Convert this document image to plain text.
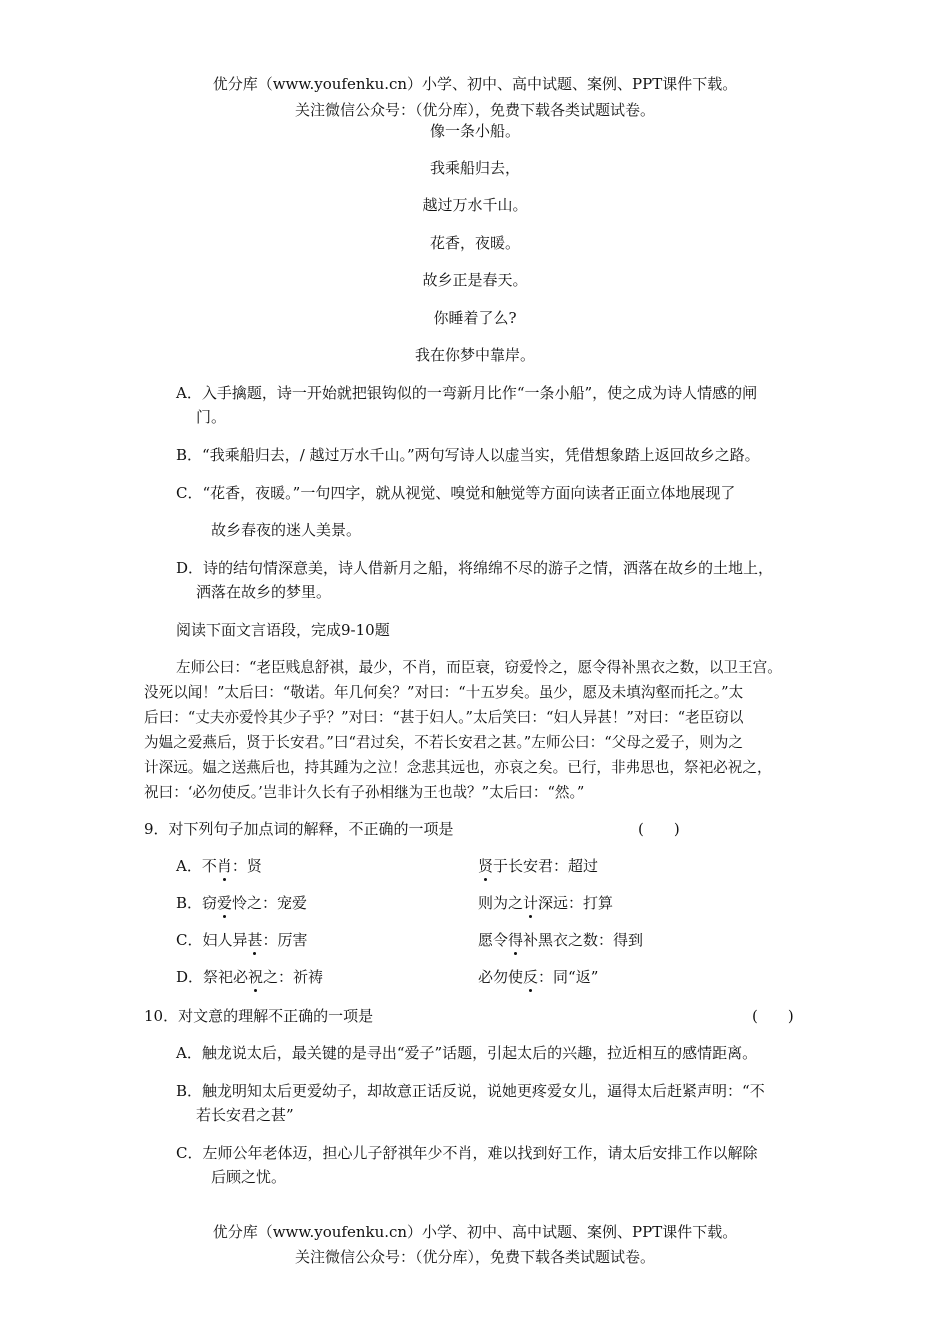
优分库（www.youfenku.cn）小学、初中、高中试题、案例、PPT课件下载。
关注微信公众号：（优分库），免费下载各类试题试卷。
像一条小船。
我乘船归去，
越过万水千山。
花香，夜暖。
故乡正是春天。
你睡着了么?
我在你梦中靠岸。
A．入手擒题，诗一开始就把银钩似的一弯新月比作“一条小船”，使之成为诗人情感的闸
门。
B．“我乘船归去，/ 越过万水千山。”两句写诗人以虚当实，凭借想象踏上返回故乡之路。
C．“花香，夜暖。”一句四字，就从视觉、嗅觉和触觉等方面向读者正面立体地展现了
故乡春夜的迷人美景。
D．诗的结句情深意美，诗人借新月之船，将绵绵不尽的游子之情，洒落在故乡的土地上，
洒落在故乡的梦里。
阅读下面文言语段，完成9-10题
左师公曰：“老臣贱息舒祺，最少，不肖，而臣衰，窃爱怜之，愿令得补黑衣之数，以卫王宫。
没死以闻！”太后曰：“敬诺。年几何矣？”对曰：“十五岁矣。虽少，愿及未填沟壑而托之。”太
后曰：“丈夫亦爱怜其少子乎？”对曰：“甚于妇人。”太后笑曰：“妇人异甚！”对曰：“老臣窃以
为媪之爱燕后，贤于长安君。”曰“君过矣，不若长安君之甚。”左师公曰：“父母之爱子，则为之
计深远。媪之送燕后也，持其踵为之泣！念悲其远也，亦哀之矣。已行，非弗思也，祭祀必祝之，
祝曰：‘必勿使反。’岂非计久长有子孙相继为王也哉？”太后曰：“然。”
9．对下列句子加点词的解释，不正确的一项是	(　　)
A．不肖：贤	贤于长安君：超过
B．窃爱怜之：宠爱	则为之计深远：打算
C．妇人异甚：厉害	愿令得补黑衣之数：得到
D．祭祀必祝之：祈祷	必勿使反：同“返”
10．对文意的理解不正确的一项是	(　　)
A．触龙说太后，最关键的是寻出“爱子”话题，引起太后的兴趣，拉近相互的感情距离。
B．触龙明知太后更爱幼子，却故意正话反说，说她更疼爱女儿，逼得太后赶紧声明：“不
若长安君之甚”
C．左师公年老体迈，担心儿子舒祺年少不肖，难以找到好工作，请太后安排工作以解除
后顾之忧。
优分库（www.youfenku.cn）小学、初中、高中试题、案例、PPT课件下载。
关注微信公众号：（优分库），免费下载各类试题试卷。
